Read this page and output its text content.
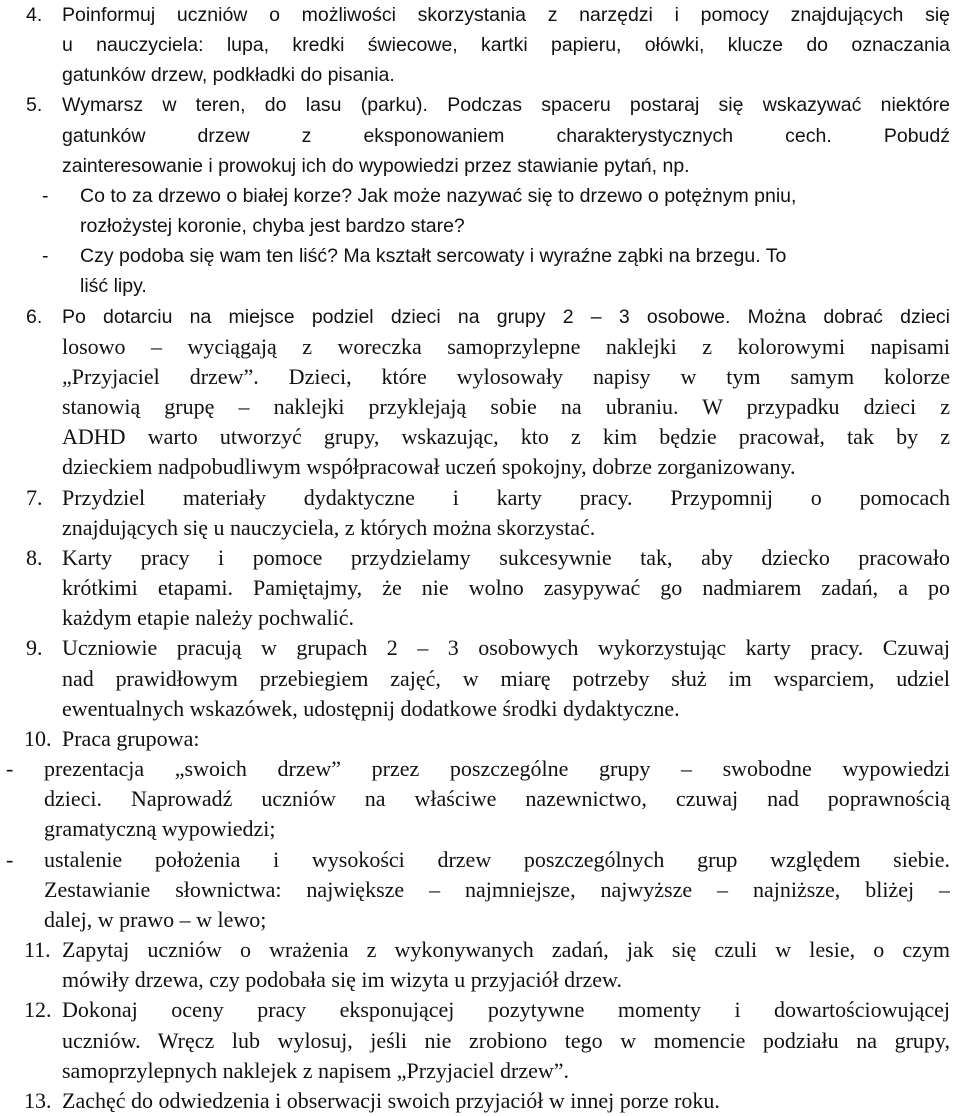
4. Poinformuj uczniów o możliwości skorzystania z narzędzi i pomocy znajdujących się
u nauczyciela: lupa, kredki świecowe, kartki papieru, ołówki, klucze do oznaczania
gatunków drzew, podkładki do pisania.
5. Wymarsz w teren, do lasu (parku). Podczas spaceru postaraj się wskazywać niektóre
gatunków drzew z eksponowaniem charakterystycznych cech. Pobudź
zainteresowanie i prowokuj ich do wypowiedzi przez stawianie pytań, np.
- Co to za drzewo o białej korze? Jak może nazywać się to drzewo o potężnym pniu,
rozłożystej koronie, chyba jest bardzo stare?
- Czy podoba się wam ten liść? Ma kształt sercowaty i wyraźne ząbki na brzegu. To
liść lipy.
6. Po dotarciu na miejsce podziel dzieci na grupy 2 – 3 osobowe. Można dobrać dzieci
losowo – wyciągają z woreczka samoprzylepne naklejki z kolorowymi napisami
„Przyjaciel drzew”. Dzieci, które wylosowały napisy w tym samym kolorze
stanowią grupę – naklejki przyklejają sobie na ubraniu. W przypadku dzieci z
ADHD warto utworzyć grupy, wskazując, kto z kim będzie pracował, tak by z
dzieckiem nadpobudliwym współpracował uczeń spokojny, dobrze zorganizowany.
7. Przydziel materiały dydaktyczne i karty pracy. Przypomnij o pomocach
znajdujących się u nauczyciela, z których można skorzystać.
8. Karty pracy i pomoce przydzielamy sukcesywnie tak, aby dziecko pracowało
krótkimi etapami. Pamiętajmy, że nie wolno zasypywać go nadmiarem zadań, a po
każdym etapie należy pochwalić.
9. Uczniowie pracują w grupach 2 – 3 osobowych wykorzystując karty pracy. Czuwaj
nad prawidłowym przebiegiem zajęć, w miarę potrzeby służ im wsparciem, udziel
ewentualnych wskazówek, udostępnij dodatkowe środki dydaktyczne.
10. Praca grupowa:
- prezentacja „swoich drzew” przez poszczególne grupy – swobodne wypowiedzi
dzieci. Naprowadź uczniów na właściwe nazewnictwo, czuwaj nad poprawnością
gramatyczną wypowiedzi;
- ustalenie położenia i wysokości drzew poszczególnych grup względem siebie.
Zestawianie słownictwa: największe – najmniejsze, najwyższe – najniższe, bliżej –
dalej, w prawo – w lewo;
11. Zapytaj uczniów o wrażenia z wykonywanych zadań, jak się czuli w lesie, o czym
mówiły drzewa, czy podobała się im wizyta u przyjaciół drzew.
13. Zachęć do odwiedzenia i obserwacji swoich przyjaciół w innej porze roku.
12. Dokonaj oceny pracy eksponującej pozytywne momenty i dowartościowującej
uczniów. Wręcz lub wylosuj, jeśli nie zrobiono tego w momencie podziału na grupy,
samoprzylepnych naklejek z napisem „Przyjaciel drzew”.
